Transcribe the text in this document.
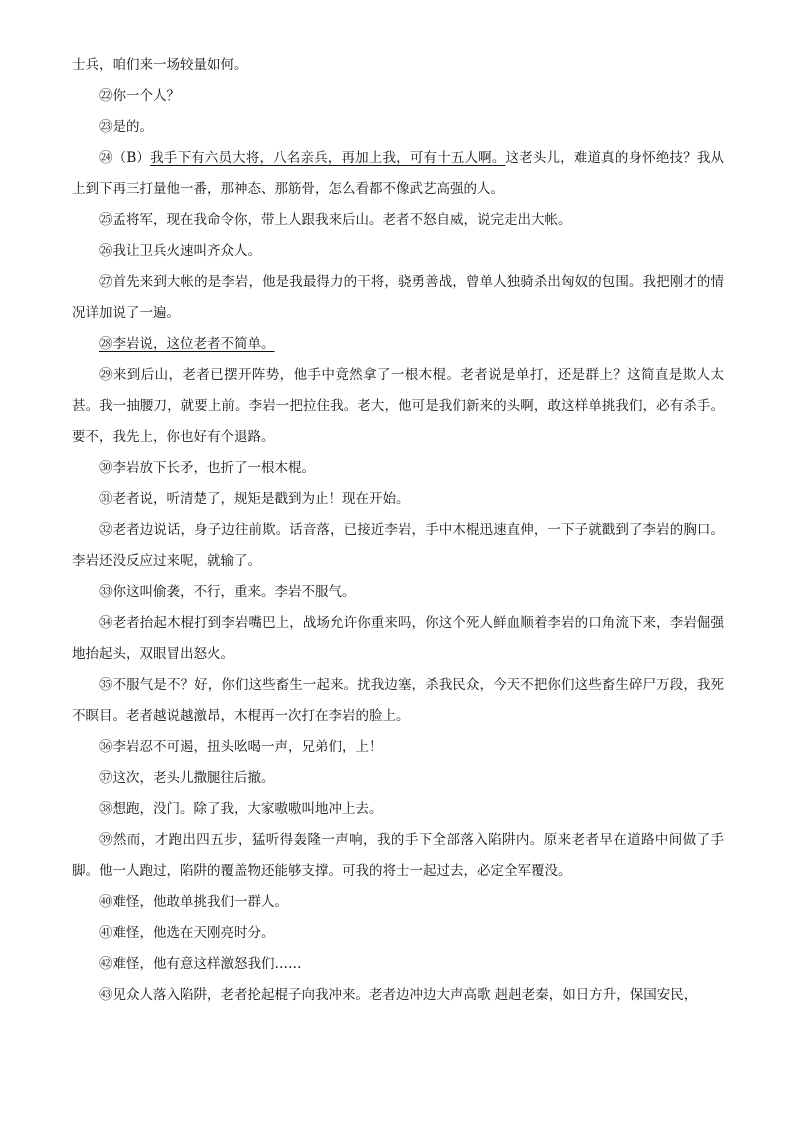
士兵，咱们来一场较量如何。

㉒你一个人？

㉓是的。

㉔（B）我手下有六员大将，八名亲兵，再加上我，可有十五人啊。这老头儿，难道真的身怀绝技？我从上到下再三打量他一番，那神态、那筋骨，怎么看都不像武艺高强的人。

㉕孟将军，现在我命令你，带上人跟我来后山。老者不怒自威，说完走出大帐。

㉖我让卫兵火速叫齐众人。

㉗首先来到大帐的是李岩，他是我最得力的干将，骁勇善战，曾单人独骑杀出匈奴的包围。我把刚才的情况详加说了一遍。

㉘李岩说，这位老者不简单。

㉙来到后山，老者已摆开阵势，他手中竟然拿了一根木棍。老者说是单打，还是群上？这简直是欺人太甚。我一抽腰刀，就要上前。李岩一把拉住我。老大，他可是我们新来的头啊，敢这样单挑我们，必有杀手。要不，我先上，你也好有个退路。

㉚李岩放下长矛，也折了一根木棍。

㉛老者说，听清楚了，规矩是戳到为止！现在开始。

㉜老者边说话，身子边往前欺。话音落，已接近李岩，手中木棍迅速直伸，一下子就戳到了李岩的胸口。李岩还没反应过来呢，就输了。

㉝你这叫偷袭，不行，重来。李岩不服气。

㉞老者抬起木棍打到李岩嘴巴上，战场允许你重来吗，你这个死人鲜血顺着李岩的口角流下来，李岩倔强地抬起头，双眼冒出怒火。

㉟不服气是不？好，你们这些畜生一起来。扰我边塞，杀我民众，今天不把你们这些畜生碎尸万段，我死不瞑目。老者越说越激昂，木棍再一次打在李岩的脸上。

㊱李岩忍不可遏，扭头吆喝一声，兄弟们，上！

㊲这次，老头儿撒腿往后撤。

㊳想跑，没门。除了我，大家嗷嗷叫地冲上去。

㊴然而，才跑出四五步，猛听得轰隆一声响，我的手下全部落入陷阱内。原来老者早在道路中间做了手脚。他一人跑过，陷阱的覆盖物还能够支撑。可我的将士一起过去，必定全军覆没。

㊵难怪，他敢单挑我们一群人。

㊶难怪，他选在天刚亮时分。

㊷难怪，他有意这样激怒我们……

㊸见众人落入陷阱，老者抡起棍子向我冲来。老者边冲边大声高歌 赳赳老秦，如日方升，保国安民，
